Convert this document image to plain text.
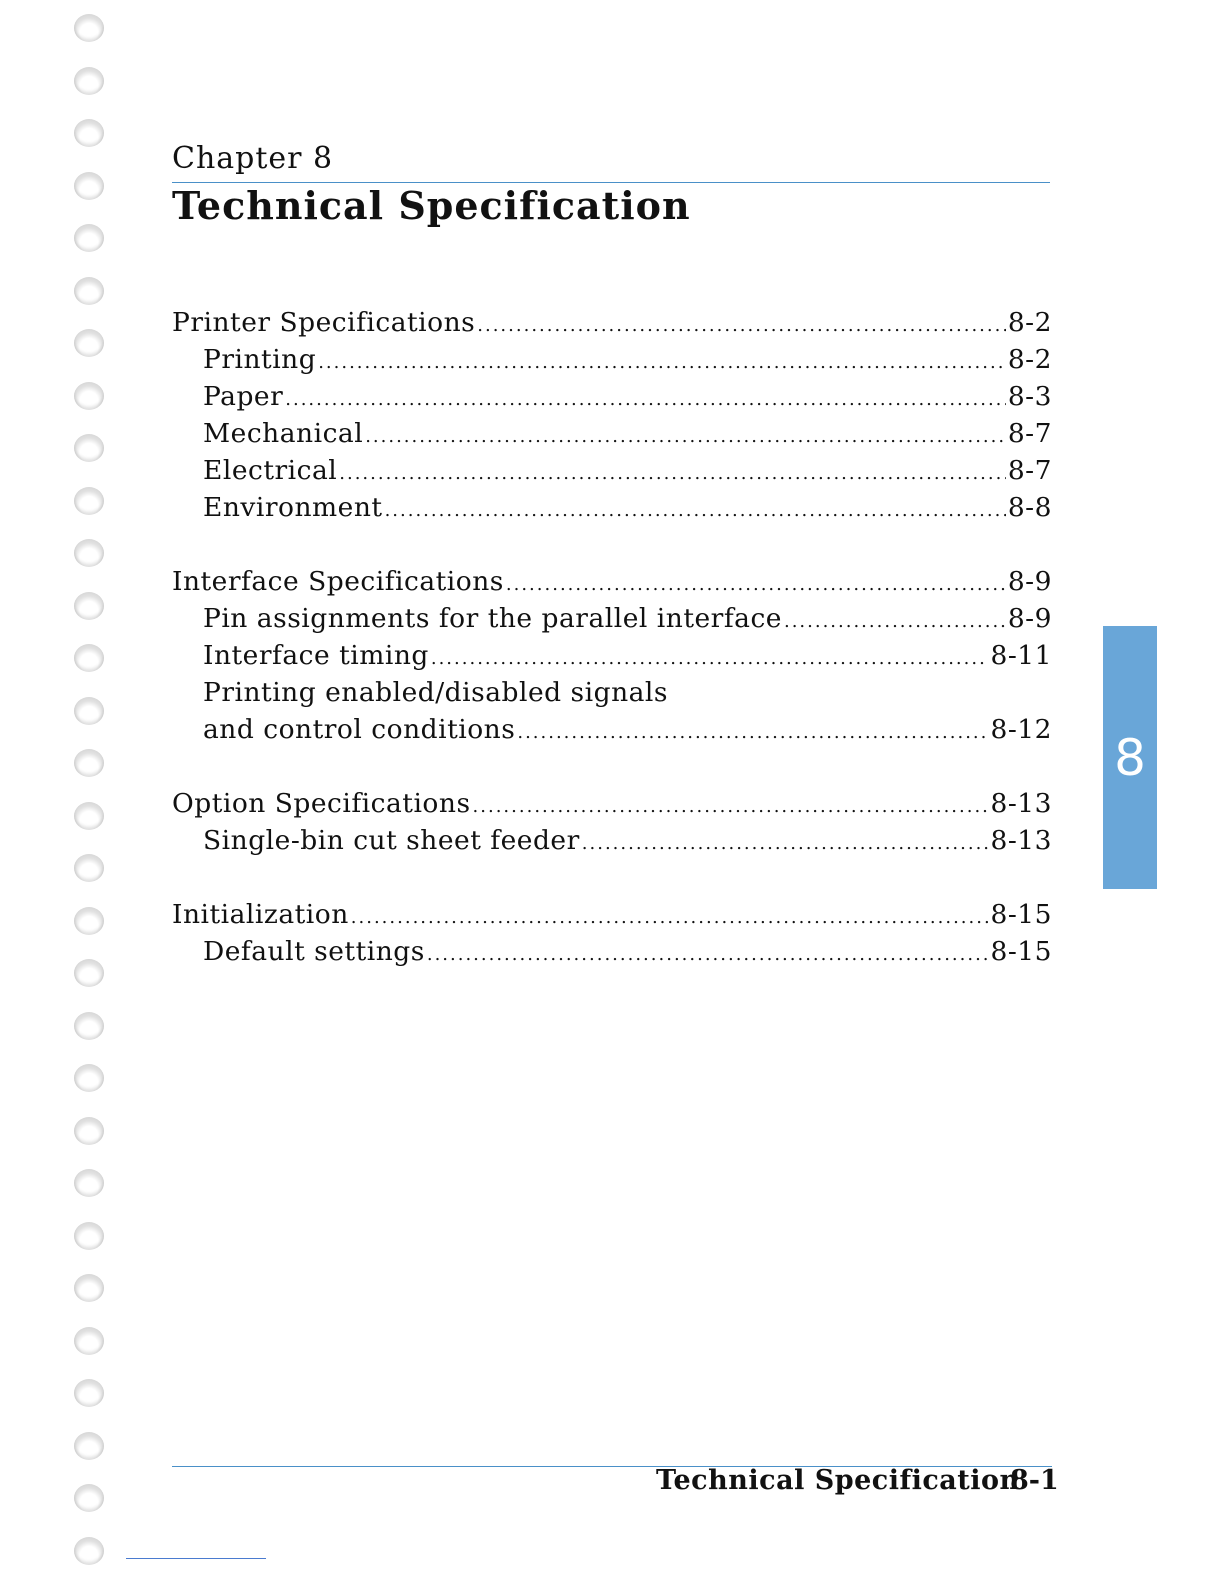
Chapter 8
Technical Specification
Printer Specifications .....	8-2
Printing .....	8-2
Paper .....	8-3
Mechanical .....	8-7
Electrical .....	8-7
Environment .....	8-8
Interface Specifications .....	8-9
Pin assignments for the parallel interface .....	8-9
Interface timing .....	8-11
Printing enabled/disabled signals
and control conditions .....	8-12
Option Specifications .....	8-13
Single-bin cut sheet feeder .....	8-13
Initialization .....	8-15
Default settings .....	8-15
8
Technical Specification
8-1
